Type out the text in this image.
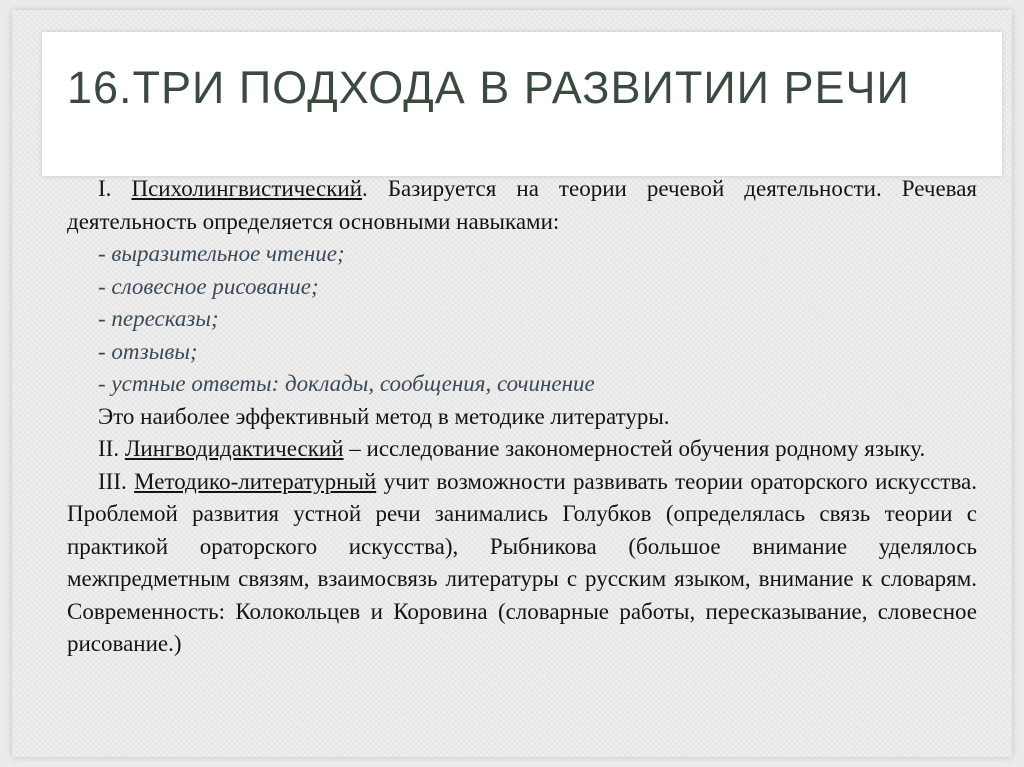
16.ТРИ ПОДХОДА В РАЗВИТИИ РЕЧИ

I. Психолингвистический. Базируется на теории речевой деятельности. Речевая деятельность определяется основными навыками:

- выразительное чтение;

- словесное рисование;

- пересказы;

- отзывы;

- устные ответы: доклады, сообщения, сочинение

Это наиболее эффективный метод в методике литературы.

II. Лингводидактический – исследование закономерностей обучения родному языку.

III. Методико-литературный учит возможности развивать теории ораторского искусства. Проблемой развития устной речи занимались Голубков (определялась связь теории с практикой ораторского искусства), Рыбникова (большое внимание уделялось межпредметным связям, взаимосвязь литературы с русским языком, внимание к словарям. Современность: Колокольцев и Коровина (словарные работы, пересказывание, словесное рисование.)
